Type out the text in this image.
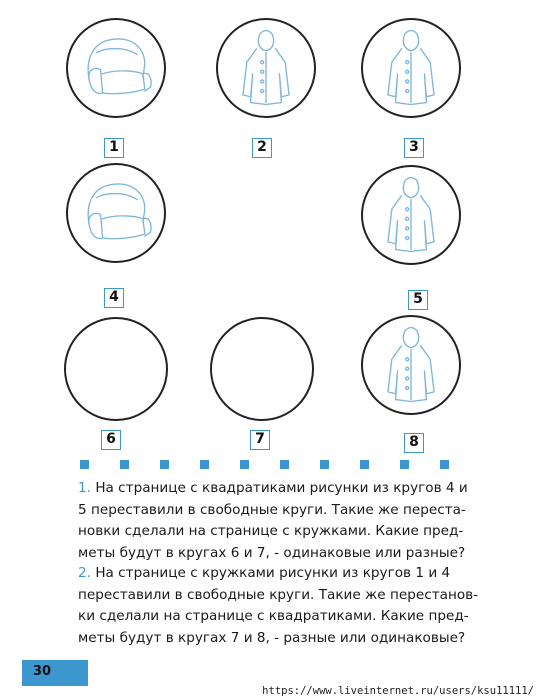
1	2	3
4	5
6	7	8
1. На странице с квадратиками рисунки из кругов 4 и
5 переставили в свободные круги. Такие же переста-
новки сделали на странице с кружками. Какие пред-
меты будут в кругах 6 и 7, - одинаковые или разные?
2. На странице с кружками рисунки из кругов 1 и 4
переставили в свободные круги. Такие же перестанов-
ки сделали на странице с квадратиками. Какие пред-
меты будут в кругах 7 и 8, - разные или одинаковые?
30
https://www.liveinternet.ru/users/ksu11111/
